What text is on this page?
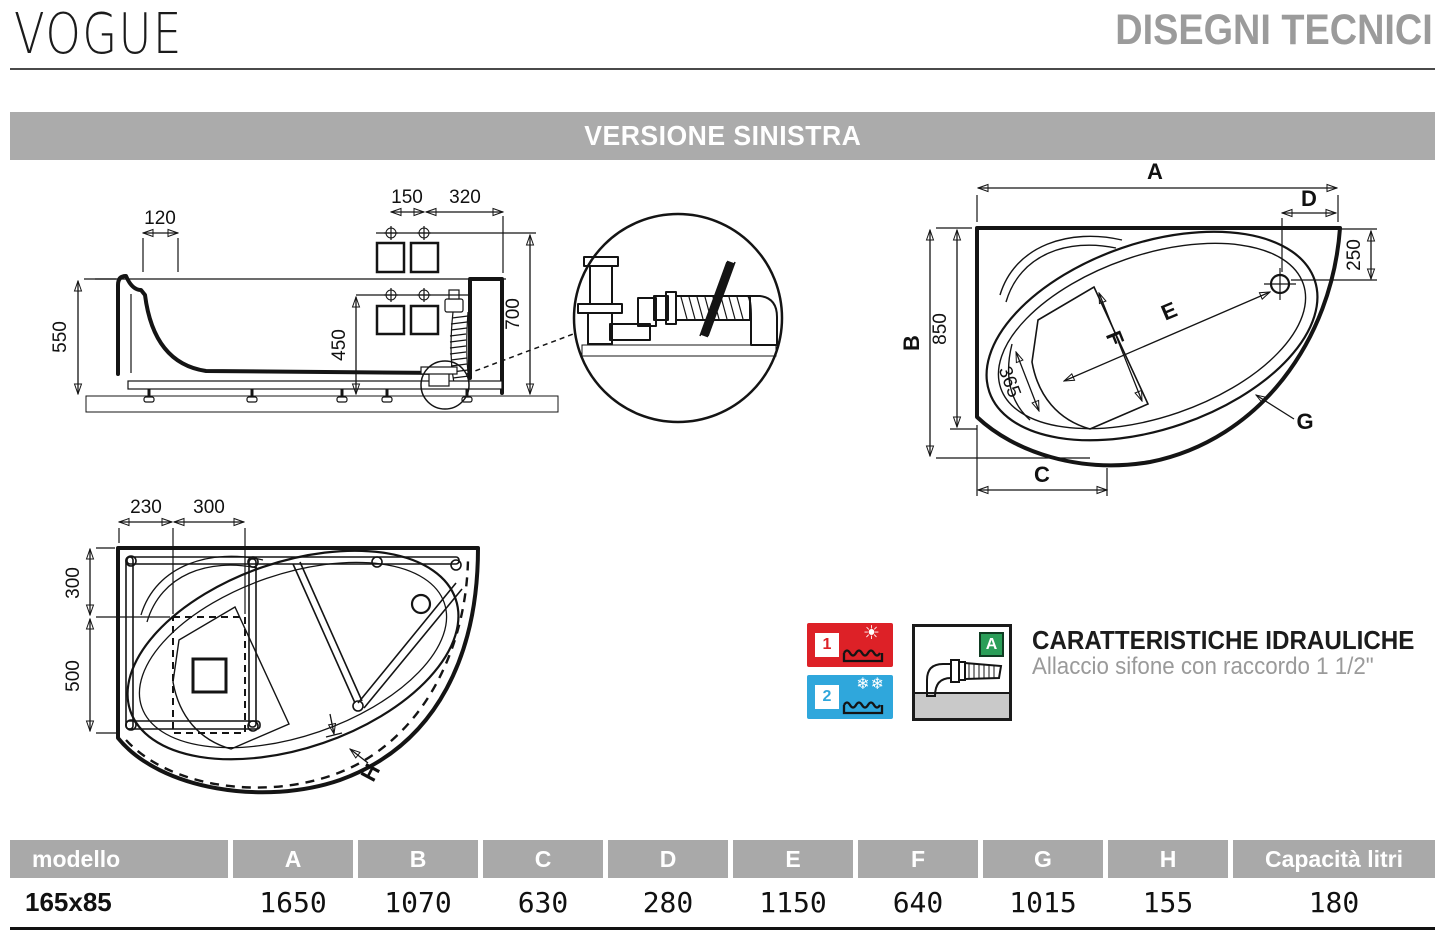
VOGUE	DISEGNI TECNICI
VERSIONE SINISTRA
550
120
150 320
700
450
1 2
1 2
A
D
B 850
250
C
E
F
365
G
A
230 300
300
500
H
1
☀
2
❄❄
A CARATTERISTICHE IDRAULICHE
Allaccio sifone con raccordo 1 1/2"
modello	A	B	C	D	E	F	G	H	Capacità litri
165x85	1650	1070	630	280	1150	640	1015	155	180
